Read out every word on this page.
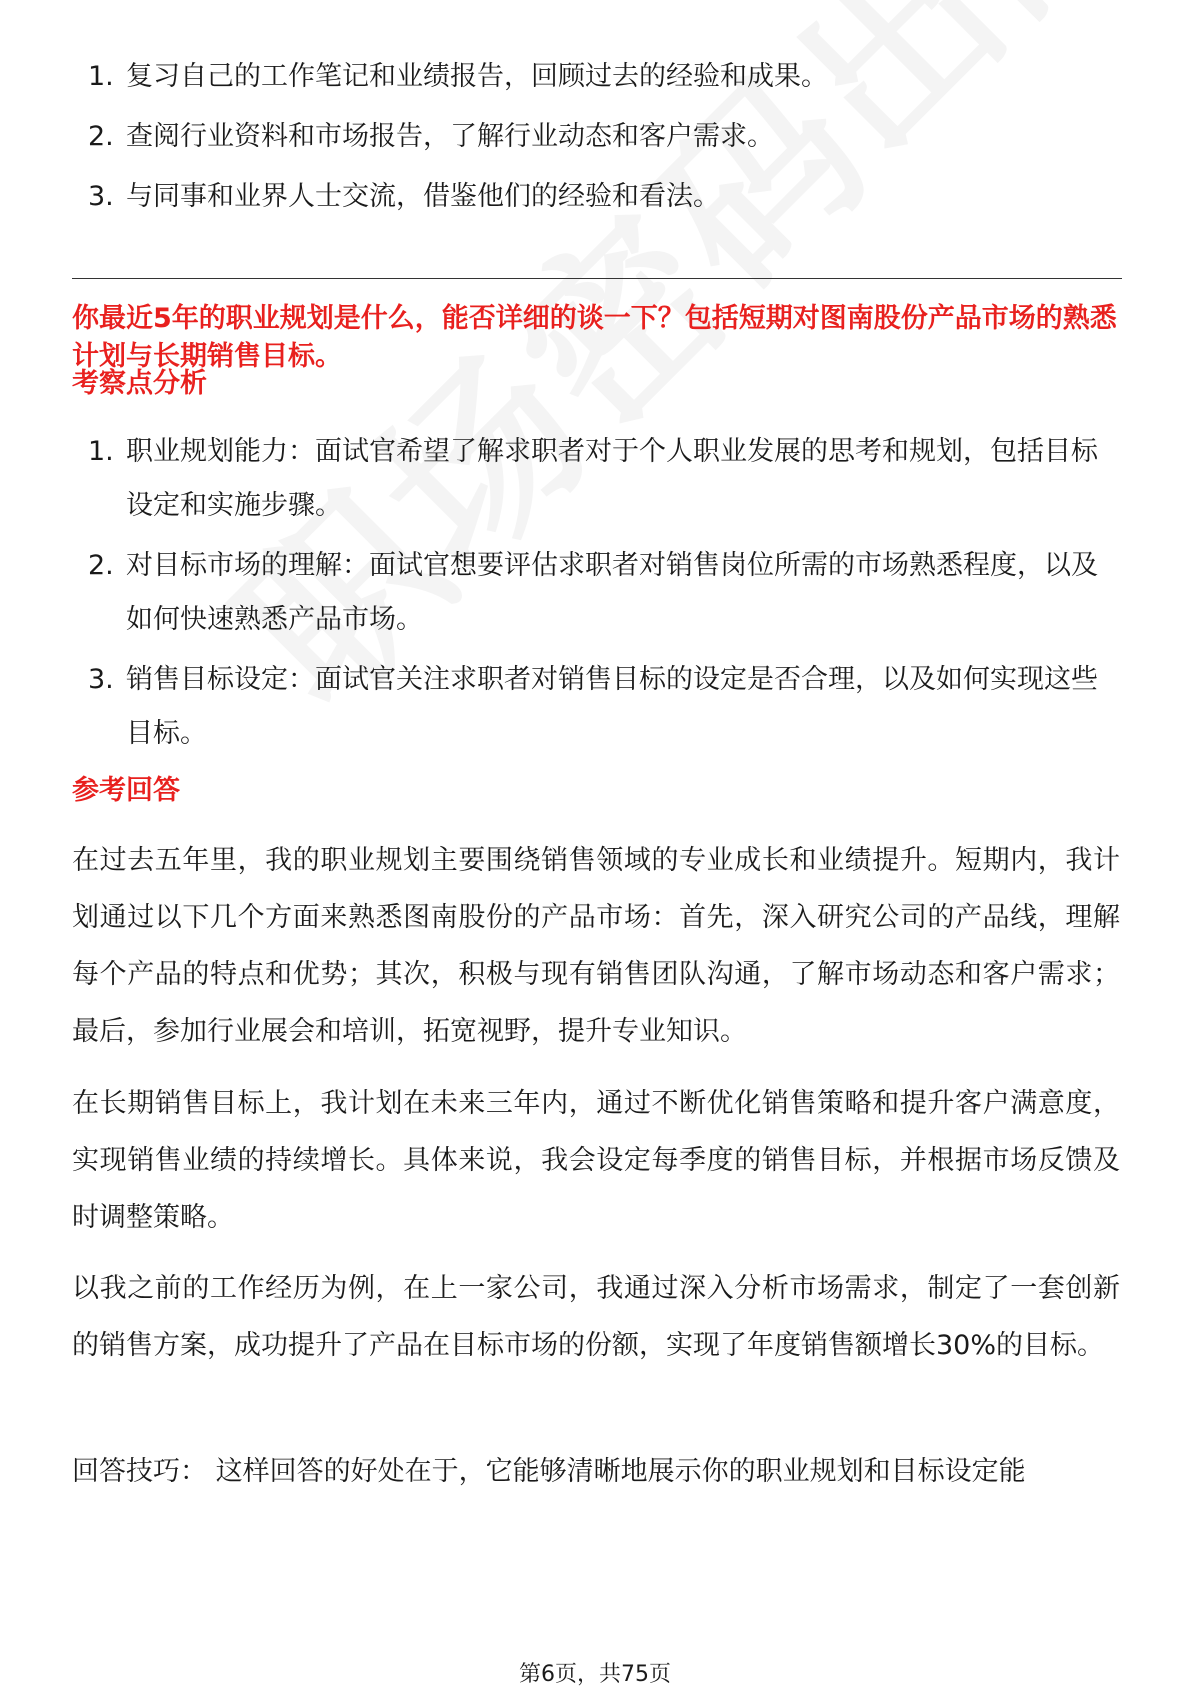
1. 复习自己的工作笔记和业绩报告，回顾过去的经验和成果。
2. 查阅行业资料和市场报告，了解行业动态和客户需求。
3. 与同事和业界人士交流，借鉴他们的经验和看法。
你最近5年的职业规划是什么，能否详细的谈一下？包括短期对图南股份产品市场的熟悉计划与长期销售目标。
考察点分析
1. 职业规划能力：面试官希望了解求职者对于个人职业发展的思考和规划，包括目标设定和实施步骤。
2. 对目标市场的理解：面试官想要评估求职者对销售岗位所需的市场熟悉程度，以及如何快速熟悉产品市场。
3. 销售目标设定：面试官关注求职者对销售目标的设定是否合理，以及如何实现这些目标。
参考回答
在过去五年里，我的职业规划主要围绕销售领域的专业成长和业绩提升。短期内，我计划通过以下几个方面来熟悉图南股份的产品市场：首先，深入研究公司的产品线，理解每个产品的特点和优势；其次，积极与现有销售团队沟通，了解市场动态和客户需求；最后，参加行业展会和培训，拓宽视野，提升专业知识。
在长期销售目标上，我计划在未来三年内，通过不断优化销售策略和提升客户满意度，实现销售业绩的持续增长。具体来说，我会设定每季度的销售目标，并根据市场反馈及时调整策略。
以我之前的工作经历为例，在上一家公司，我通过深入分析市场需求，制定了一套创新的销售方案，成功提升了产品在目标市场的份额，实现了年度销售额增长30%的目标。
回答技巧： 这样回答的好处在于，它能够清晰地展示你的职业规划和目标设定能
第6页，共75页
